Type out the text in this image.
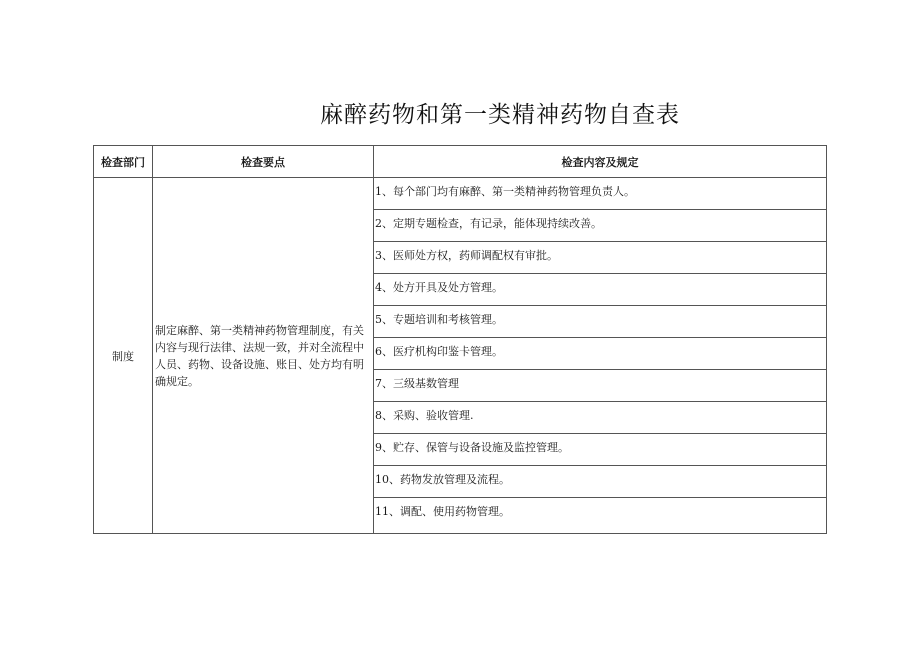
麻醉药物和第一类精神药物自查表
检查部门	检查要点	检查内容及规定
制度	制定麻醉、第一类精神药物管理制度，有关内容与现行法律、法规一致，并对全流程中人员、药物、设备设施、账目、处方均有明确规定。	1、每个部门均有麻醉、第一类精神药物管理负责人。

		2、定期专题检查，有记录，能体现持续改善。

		3、医师处方权，药师调配权有审批。

		4、处方开具及处方管理。

		5、专题培训和考核管理。

		6、医疗机构印鉴卡管理。

		7、三级基数管理

		8、采购、验收管理.

		9、贮存、保管与设备设施及监控管理。

		10、药物发放管理及流程。

		11、调配、使用药物管理。
